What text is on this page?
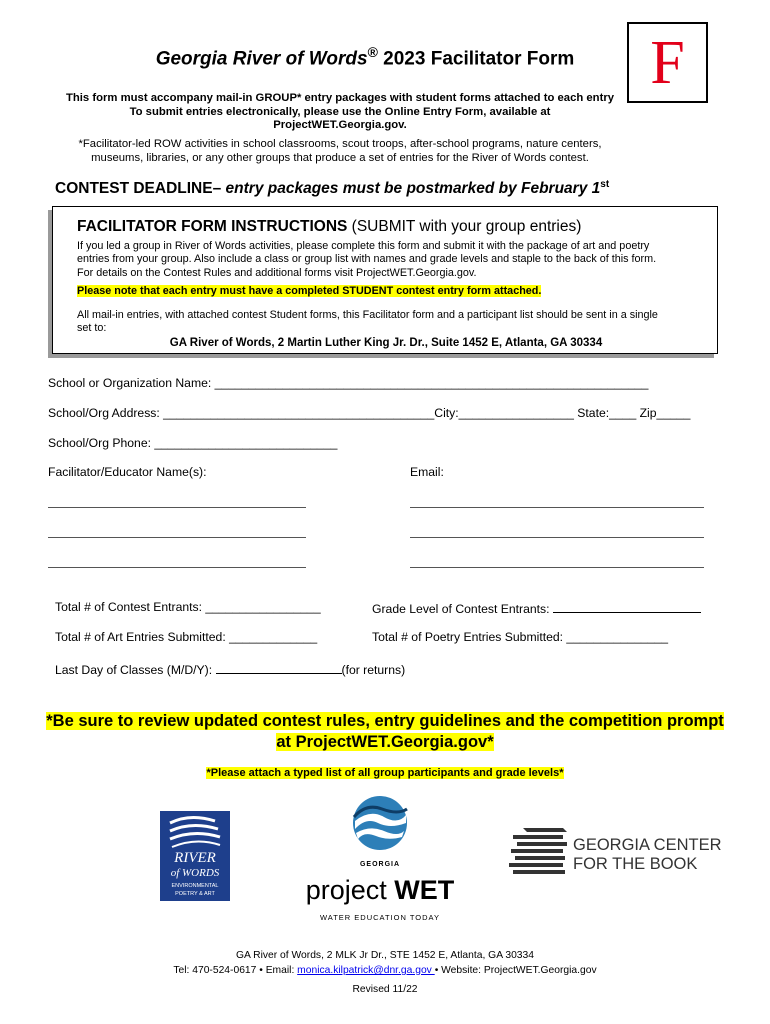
Georgia River of Words® 2023 Facilitator Form	F
This form must accompany mail-in GROUP* entry packages with student forms attached to each entry
To submit entries electronically, please use the Online Entry Form, available at
ProjectWET.Georgia.gov.
*Facilitator-led ROW activities in school classrooms, scout troops, after-school programs, nature centers,
museums, libraries, or any other groups that produce a set of entries for the River of Words contest.
CONTEST DEADLINE– entry packages must be postmarked by February 1st
FACILITATOR FORM INSTRUCTIONS (SUBMIT with your group entries)
If you led a group in River of Words activities, please complete this form and submit it with the package of art and poetry
entries from your group. Also include a class or group list with names and grade levels and staple to the back of this form.
For details on the Contest Rules and additional forms visit ProjectWET.Georgia.gov.
Please note that each entry must have a completed STUDENT contest entry form attached.
All mail-in entries, with attached contest Student forms, this Facilitator form and a participant list should be sent in a single
set to:
GA River of Words, 2 Martin Luther King Jr. Dr., Suite 1452 E, Atlanta, GA 30334
School or Organization Name: ________________________________________________________________
School/Org Address: ________________________________________City:_________________ State:____ Zip_____
School/Org Phone: ___________________________
Facilitator/Educator Name(s):	Email:
Total # of Contest Entrants: _________________	Grade Level of Contest Entrants:
Total # of Art Entries Submitted: _____________	Total # of Poetry Entries Submitted: _______________
Last Day of Classes (M/D/Y):	(for returns)
*Be sure to review updated contest rules, entry guidelines and the competition prompt
at ProjectWET.Georgia.gov*
*Please attach a typed list of all group participants and grade levels*
RIVER
of WORDS
ENVIRONMENTAL
POETRY & ART
GEORGIA
project WET
WATER EDUCATION TODAY
GEORGIA CENTER
FOR THE BOOK
GA River of Words, 2 MLK Jr Dr., STE 1452 E, Atlanta, GA 30334
Tel: 470-524-0617 • Email: monica.kilpatrick@dnr.ga.gov • Website: ProjectWET.Georgia.gov
Revised 11/22
